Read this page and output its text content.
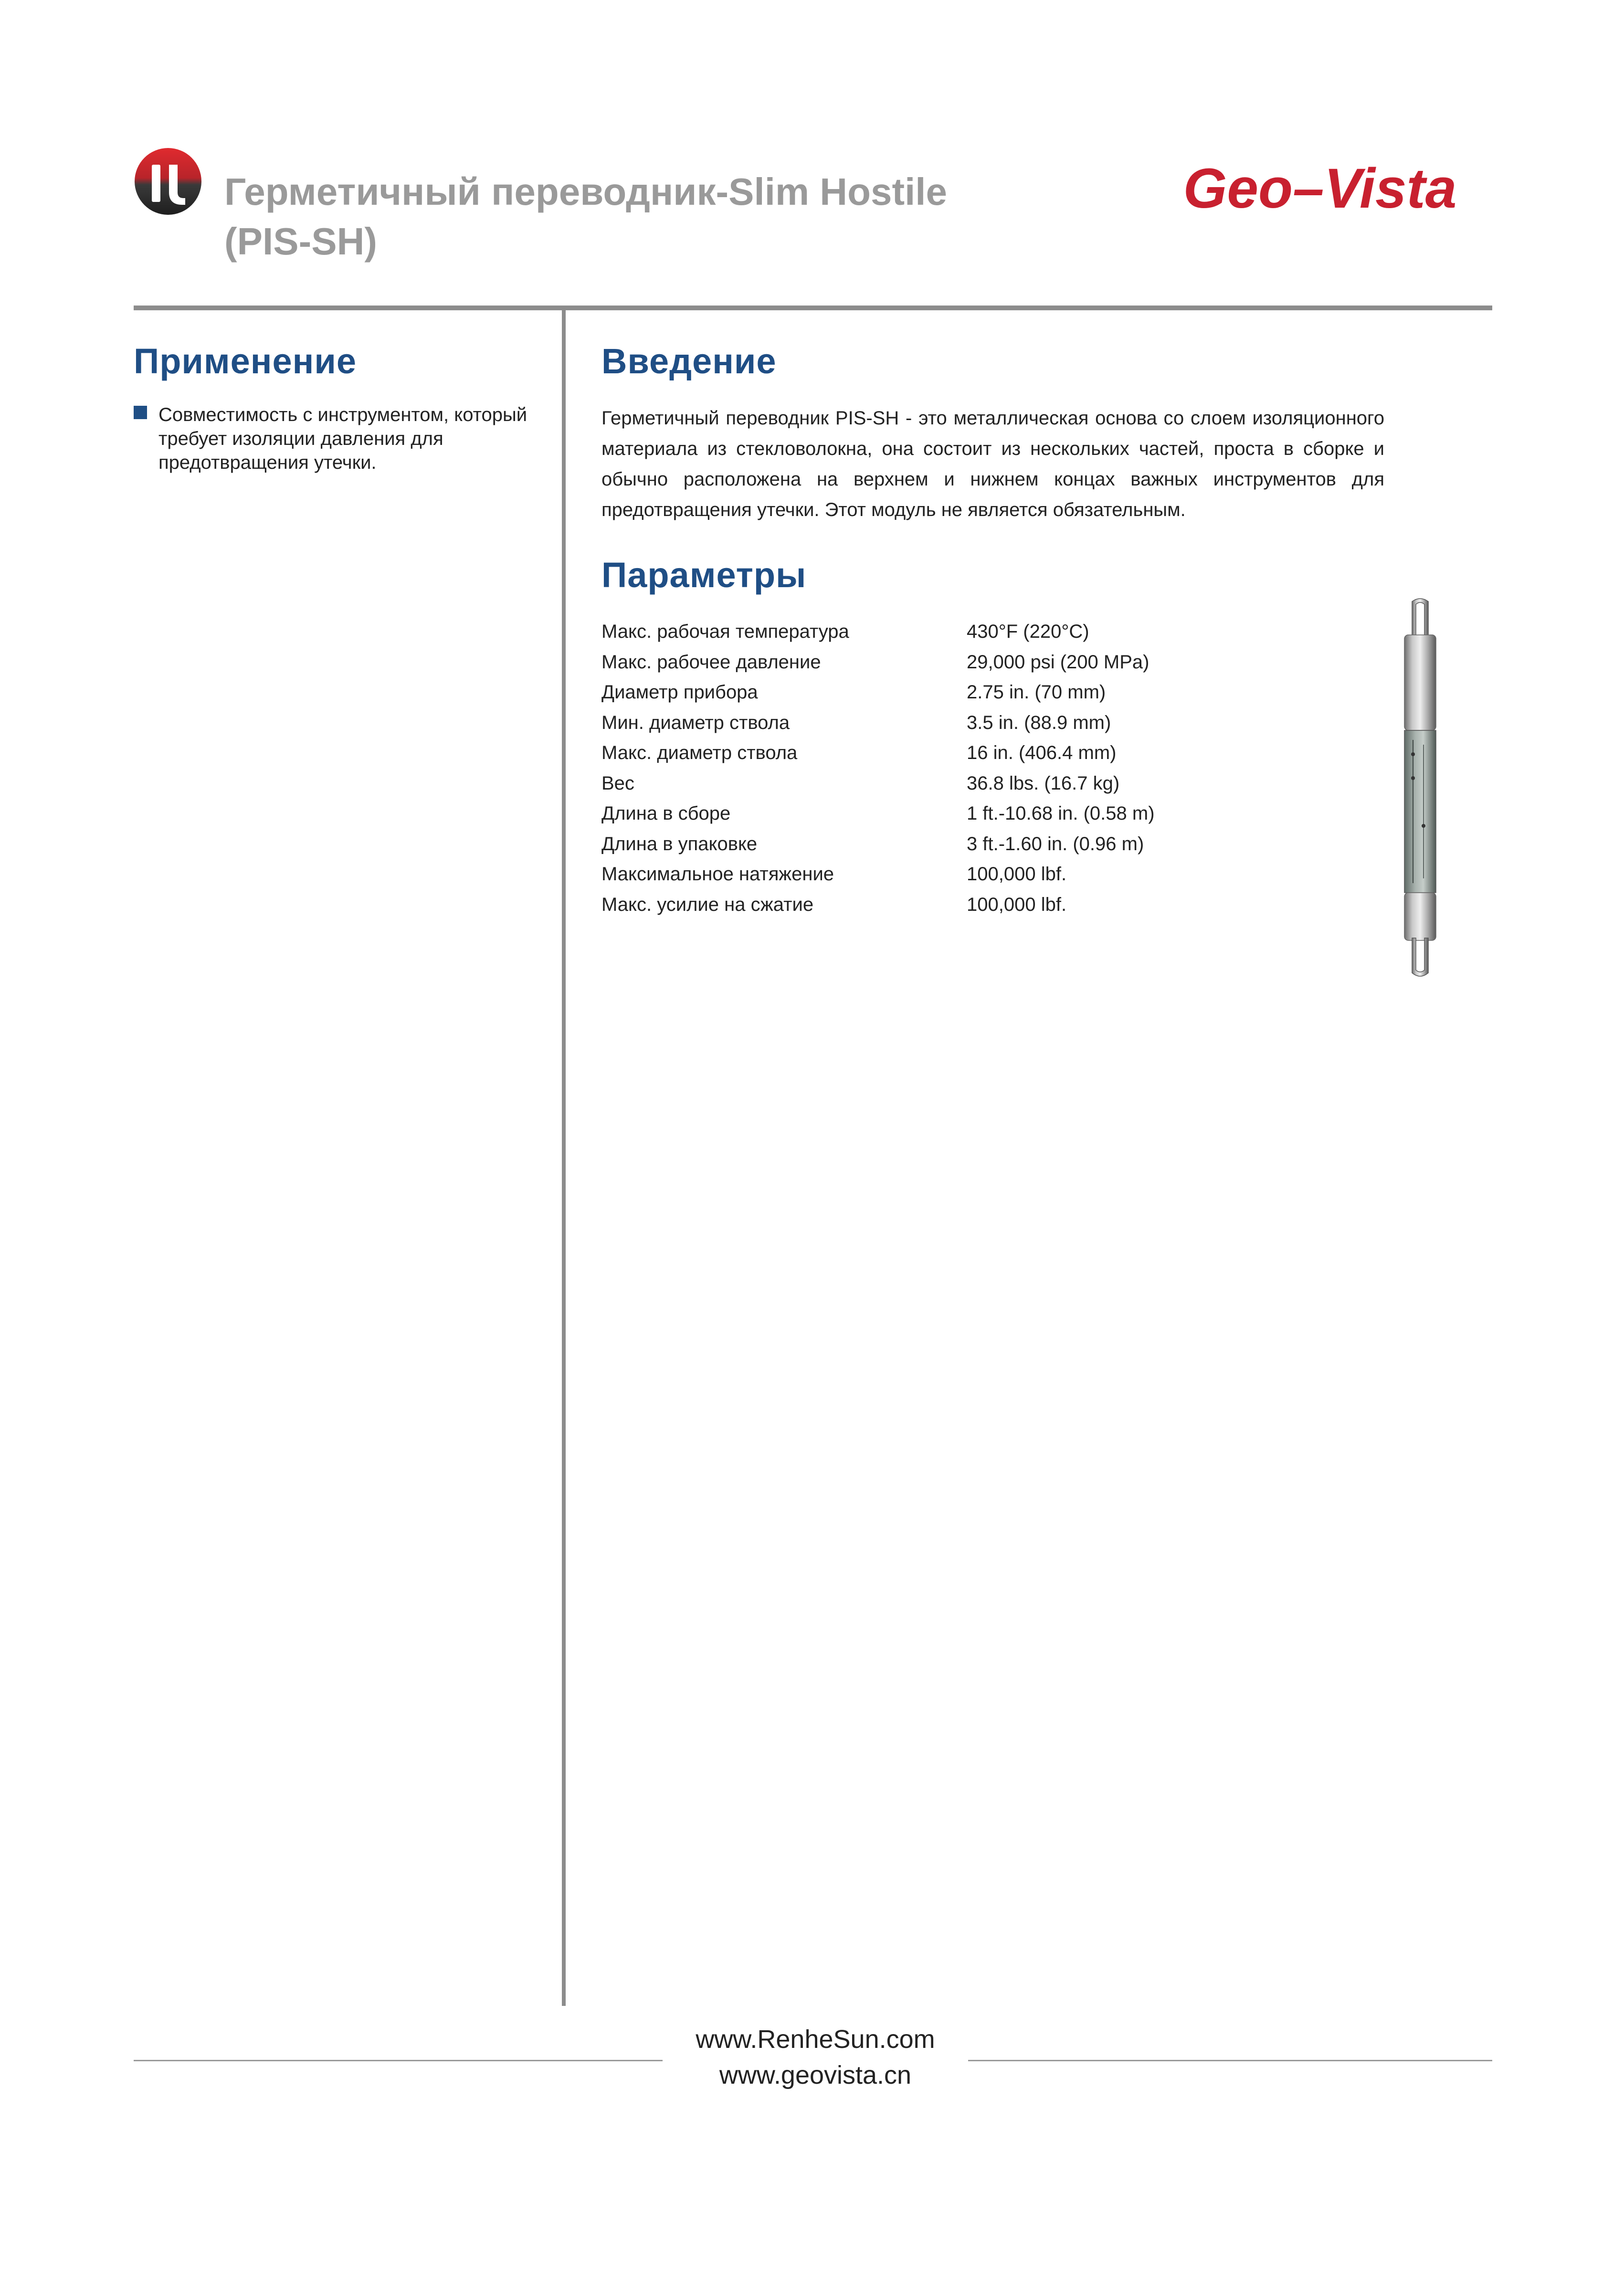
Герметичный переводник-Slim Hostile
(PIS-SH)
Geo–Vista
Применение
Совместимость с инструментом, который требует изоляции давления для предотвращения утечки.
Введение

Герметичный переводник PIS-SH - это металлическая основа со слоем изоляционного материала из стекловолокна, она состоит из нескольких частей, проста в сборке и обычно расположена на верхнем и нижнем концах важных инструментов для предотвращения утечки. Этот модуль не является обязательным.

Параметры
Макс. рабочая температура	430°F (220°C)
Макс. рабочее давление	29,000 psi (200 MPa)
Диаметр прибора	2.75 in. (70 mm)
Мин. диаметр ствола	3.5 in. (88.9 mm)
Макс. диаметр ствола	16 in. (406.4 mm)
Вес	36.8 lbs. (16.7 kg)
Длина в сборе	1 ft.-10.68 in. (0.58 m)
Длина в упаковке	3 ft.-1.60 in. (0.96 m)
Максимальное натяжение	100,000 lbf.
Макс. усилие на сжатие	100,000 lbf.
www.RenheSun.com
www.geovista.cn
